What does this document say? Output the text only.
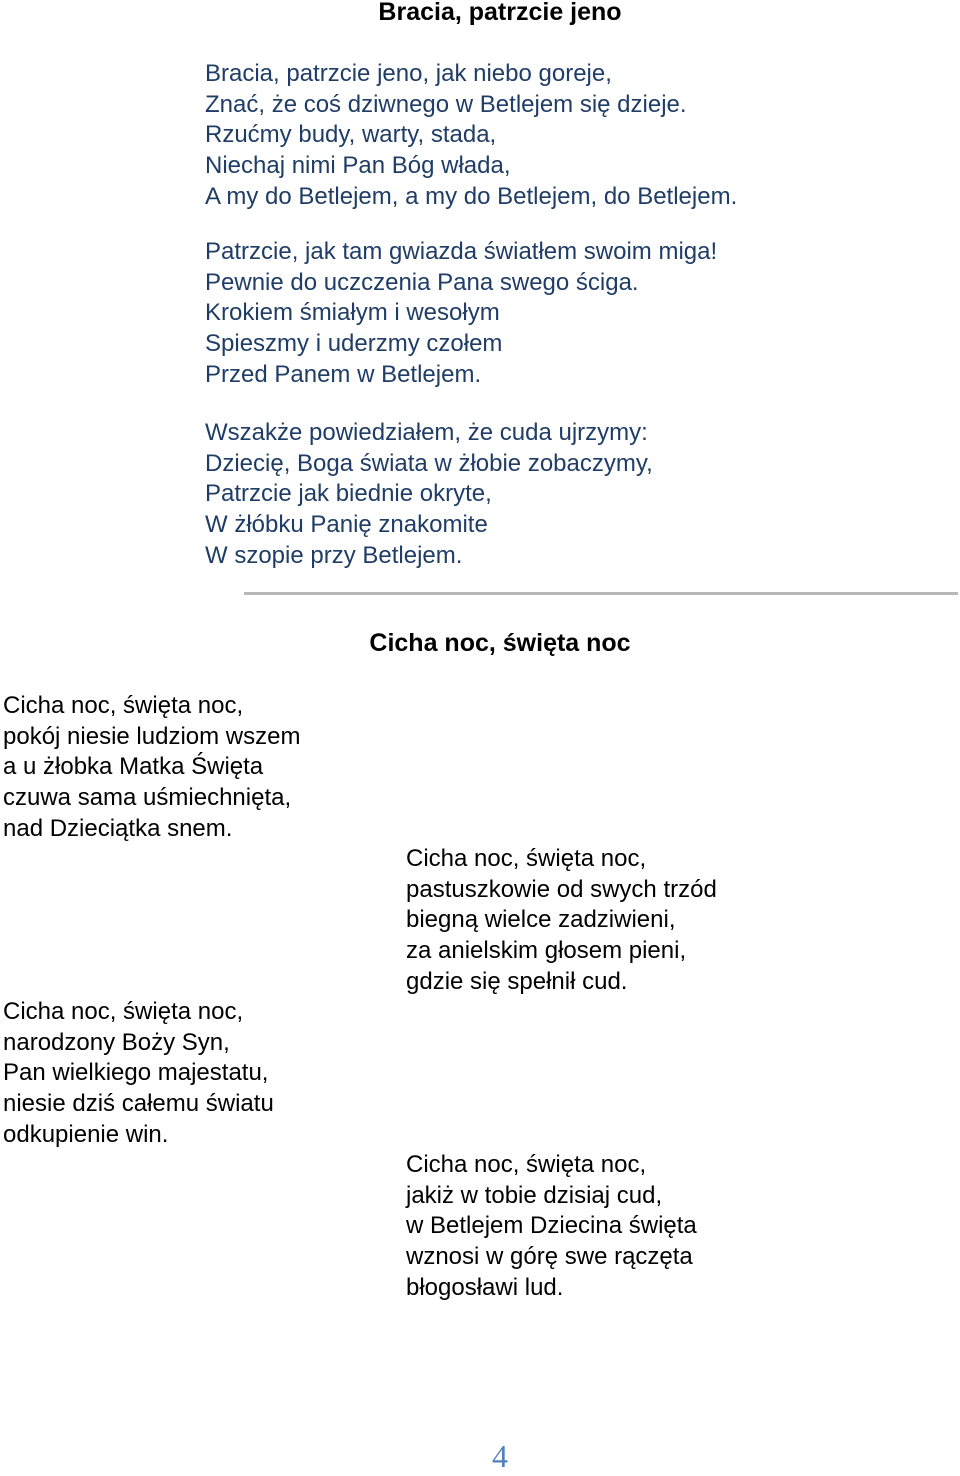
Bracia, patrzcie jeno
Bracia, patrzcie jeno, jak niebo goreje,
Znać, że coś dziwnego w Betlejem się dzieje.
Rzućmy budy, warty, stada,
Niechaj nimi Pan Bóg włada,
A my do Betlejem, a my do Betlejem, do Betlejem.
Patrzcie, jak tam gwiazda światłem swoim miga!
Pewnie do uczczenia Pana swego ściga.
Krokiem śmiałym i wesołym
Spieszmy i uderzmy czołem
Przed Panem w Betlejem.
Wszakże powiedziałem, że cuda ujrzymy:
Dziecię, Boga świata w żłobie zobaczymy,
Patrzcie jak biednie okryte,
W żłóbku Panię znakomite
W szopie przy Betlejem.
Cicha noc, święta noc
Cicha noc, święta noc,
pokój niesie ludziom wszem
a u żłobka Matka Święta
czuwa sama uśmiechnięta,
nad Dzieciątka snem.
Cicha noc, święta noc,
pastuszkowie od swych trzód
biegną wielce zadziwieni,
za anielskim głosem pieni,
gdzie się spełnił cud.
Cicha noc, święta noc,
narodzony Boży Syn,
Pan wielkiego majestatu,
niesie dziś całemu światu
odkupienie win.
Cicha noc, święta noc,
jakiż w tobie dzisiaj cud,
w Betlejem Dziecina święta
wznosi w górę swe rączęta
błogosławi lud.
4
